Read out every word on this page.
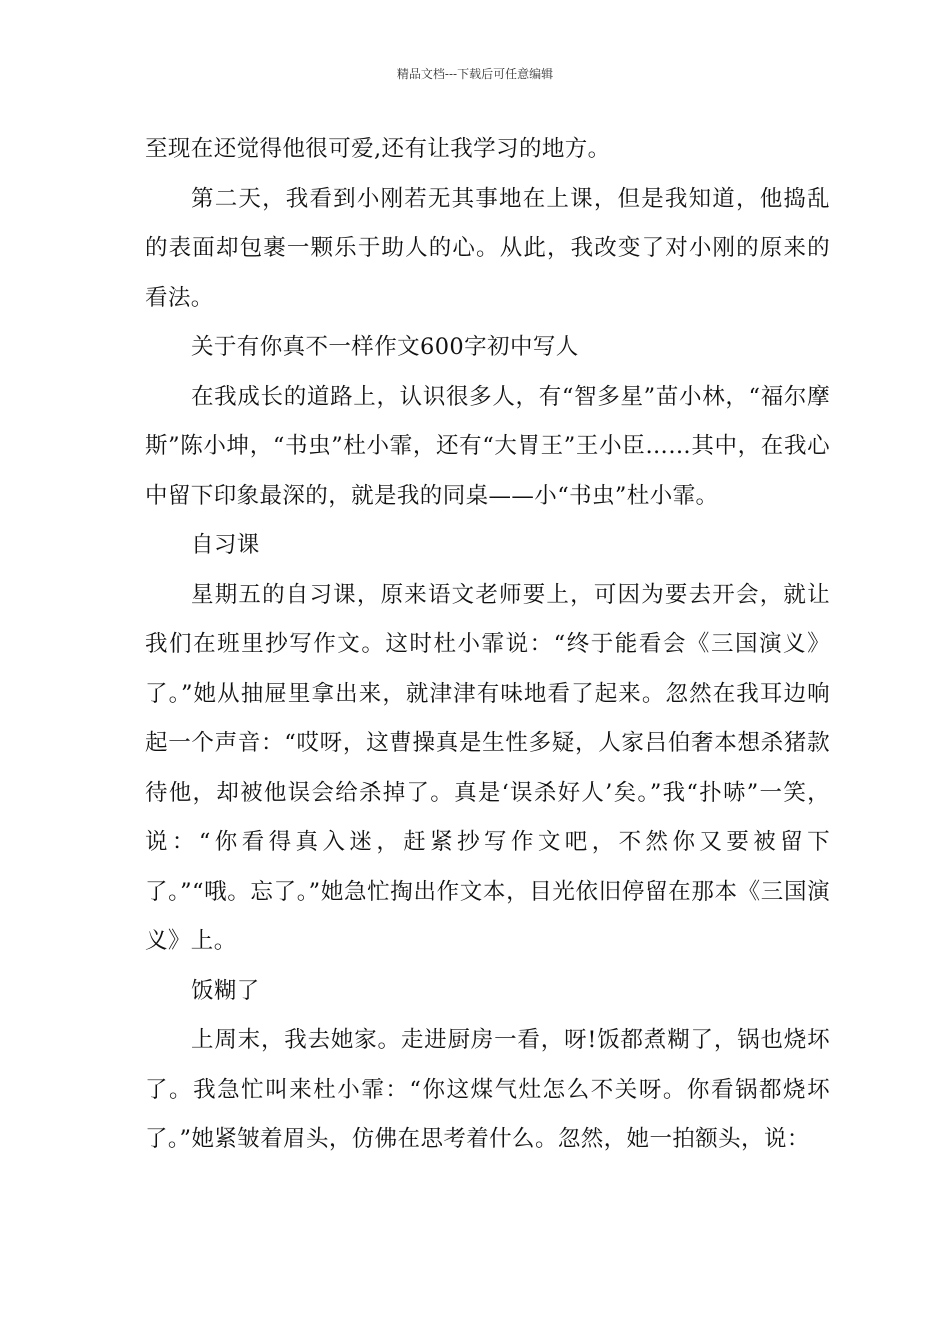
精品文档---下载后可任意编辑

至现在还觉得他很可爱,还有让我学习的地方。

第二天，我看到小刚若无其事地在上课，但是我知道，他捣乱的表面却包裹一颗乐于助人的心。从此，我改变了对小刚的原来的看法。

关于有你真不一样作文600字初中写人

在我成长的道路上，认识很多人，有“智多星”苗小林，“福尔摩斯”陈小坤，“书虫”杜小霏，还有“大胃王”王小臣……其中，在我心中留下印象最深的，就是我的同桌——小“书虫”杜小霏。

自习课

星期五的自习课，原来语文老师要上，可因为要去开会，就让我们在班里抄写作文。这时杜小霏说：“终于能看会《三国演义》了。”她从抽屉里拿出来，就津津有味地看了起来。忽然在我耳边响起一个声音：“哎呀，这曹操真是生性多疑，人家吕伯奢本想杀猪款待他，却被他误会给杀掉了。真是‘误杀好人’矣。”我“扑哧”一笑，说：“你看得真入迷，赶紧抄写作文吧，不然你又要被留下了。”“哦。忘了。”她急忙掏出作文本，目光依旧停留在那本《三国演义》上。

饭糊了

上周末，我去她家。走进厨房一看，呀!饭都煮糊了，锅也烧坏了。我急忙叫来杜小霏：“你这煤气灶怎么不关呀。你看锅都烧坏了。”她紧皱着眉头，仿佛在思考着什么。忽然，她一拍额头，说：
